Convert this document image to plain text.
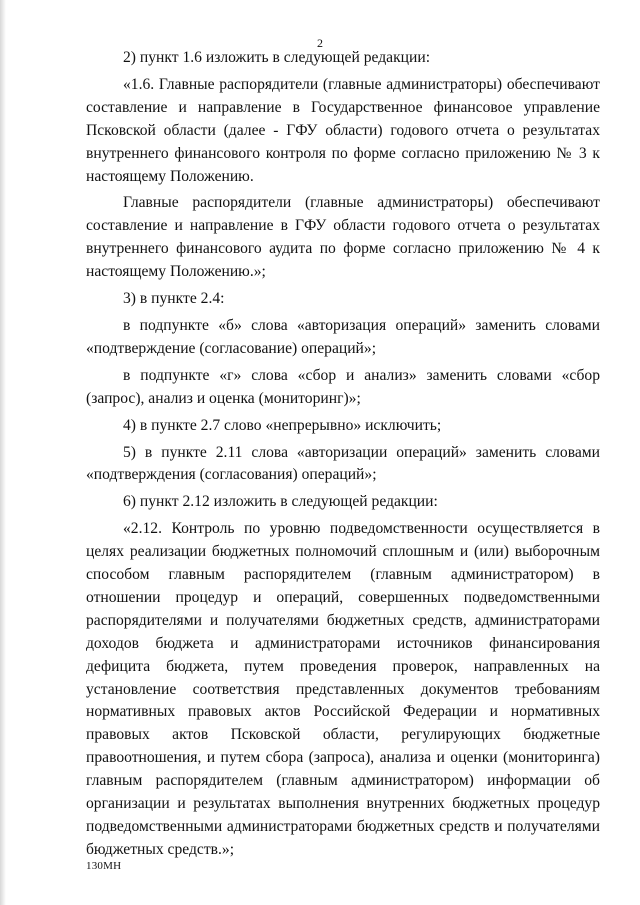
2

2) пункт 1.6 изложить в следующей редакции:

«1.6. Главные распорядители (главные администраторы) обеспечивают составление и направление в Государственное финансовое управление Псковской области (далее - ГФУ области) годового отчета о результатах внутреннего финансового контроля по форме согласно приложению № 3 к настоящему Положению.

Главные распорядители (главные администраторы) обеспечивают составление и направление в ГФУ области годового отчета о результатах внутреннего финансового аудита по форме согласно приложению № 4 к настоящему Положению.»;

3) в пункте 2.4:

в подпункте «б» слова «авторизация операций» заменить словами «подтверждение (согласование) операций»;

в подпункте «г» слова «сбор и анализ» заменить словами «сбор (запрос), анализ и оценка (мониторинг)»;

4) в пункте 2.7 слово «непрерывно» исключить;

5) в пункте 2.11 слова «авторизации операций» заменить словами «подтверждения (согласования) операций»;

6) пункт 2.12 изложить в следующей редакции:

«2.12. Контроль по уровню подведомственности осуществляется в целях реализации бюджетных полномочий сплошным и (или) выборочным способом главным распорядителем (главным администратором) в отношении процедур и операций, совершенных подведомственными распорядителями и получателями бюджетных средств, администраторами доходов бюджета и администраторами источников финансирования дефицита бюджета, путем проведения проверок, направленных на установление соответствия представленных документов требованиям нормативных правовых актов Российской Федерации и нормативных правовых актов Псковской области, регулирующих бюджетные правоотношения, и путем сбора (запроса), анализа и оценки (мониторинга) главным распорядителем (главным администратором) информации об организации и результатах выполнения внутренних бюджетных процедур подведомственными администраторами бюджетных средств и получателями бюджетных средств.»;

130МН
